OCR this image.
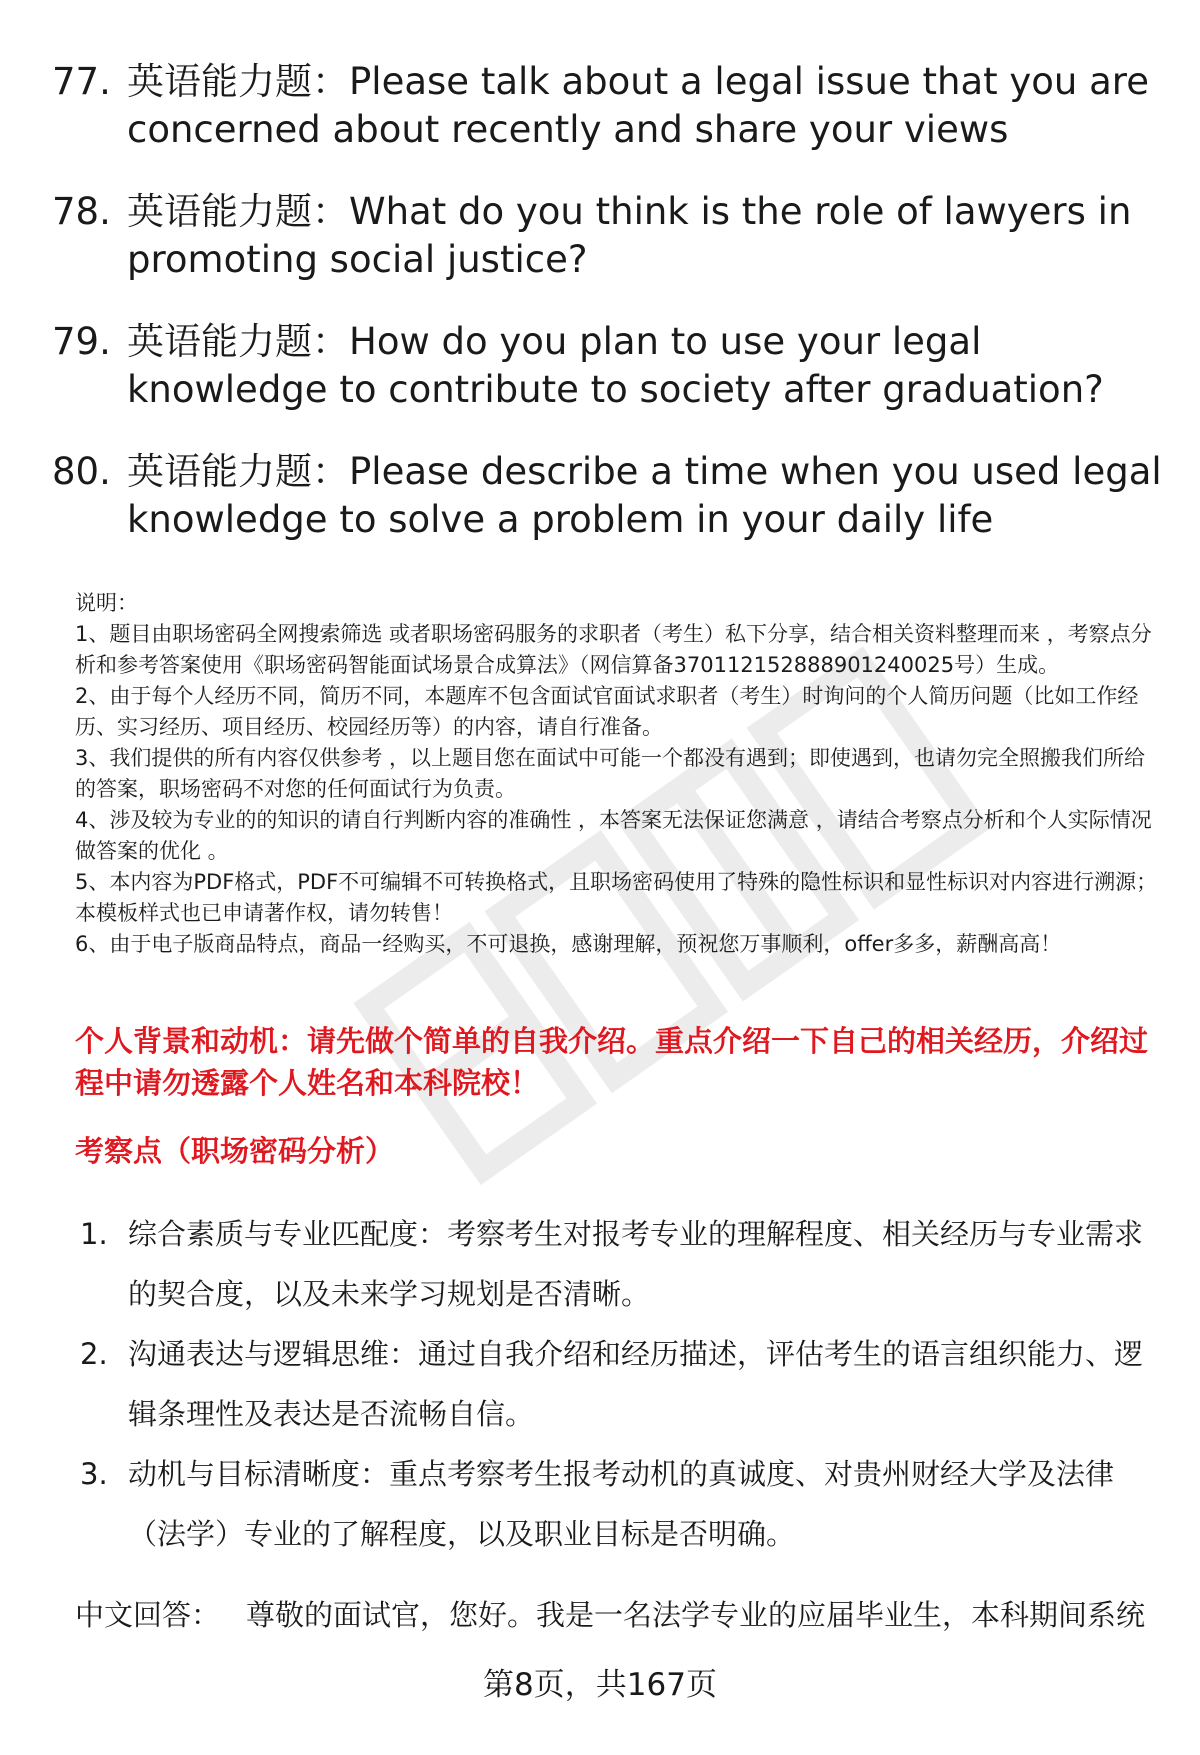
77. 英语能力题：Please talk about a legal issue that you are concerned about recently and share your views
78. 英语能力题：What do you think is the role of lawyers in promoting social justice?
79. 英语能力题：How do you plan to use your legal knowledge to contribute to society after graduation?
80. 英语能力题：Please describe a time when you used legal knowledge to solve a problem in your daily life

说明：

1、题目由职场密码全网搜索筛选 或者职场密码服务的求职者（考生）私下分享，结合相关资料整理而来 ，考察点分析和参考答案使用《职场密码智能面试场景合成算法》（网信算备370112152888901240025号）生成。

2、由于每个人经历不同，简历不同，本题库不包含面试官面试求职者（考生）时询问的个人简历问题（比如工作经历、实习经历、项目经历、校园经历等）的内容，请自行准备。

3、我们提供的所有内容仅供参考 ，以上题目您在面试中可能一个都没有遇到；即使遇到，也请勿完全照搬我们所给的答案，职场密码不对您的任何面试行为负责。

4、涉及较为专业的的知识的请自行判断内容的准确性 ，本答案无法保证您满意 ，请结合考察点分析和个人实际情况做答案的优化 。

5、本内容为PDF格式，PDF不可编辑不可转换格式，且职场密码使用了特殊的隐性标识和显性标识对内容进行溯源；本模板样式也已申请著作权，请勿转售！

6、由于电子版商品特点，商品一经购买，不可退换，感谢理解，预祝您万事顺利，offer多多，薪酬高高！

个人背景和动机：请先做个简单的自我介绍。重点介绍一下自己的相关经历，介绍过程中请勿透露个人姓名和本科院校！
考察点（职场密码分析）
1. 综合素质与专业匹配度：考察考生对报考专业的理解程度、相关经历与专业需求的契合度，以及未来学习规划是否清晰。
2. 沟通表达与逻辑思维：通过自我介绍和经历描述，评估考生的语言组织能力、逻辑条理性及表达是否流畅自信。
3. 动机与目标清晰度：重点考察考生报考动机的真诚度、对贵州财经大学及法律（法学）专业的了解程度，以及职业目标是否明确。
中文回答： 尊敬的面试官，您好。我是一名法学专业的应届毕业生，本科期间系统
第8页，共167页
